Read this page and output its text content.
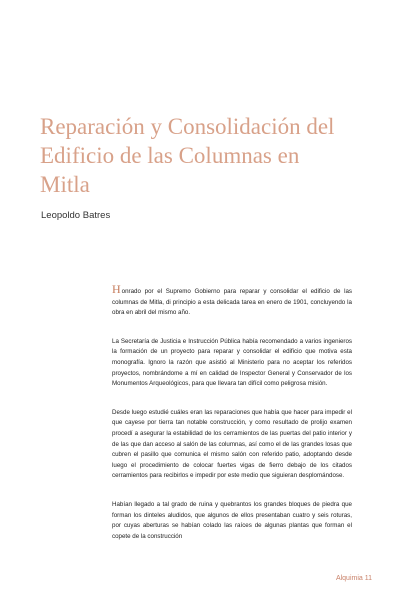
Reparación y Consolidación del Edificio de las Columnas en Mitla
Leopoldo Batres

Honrado por el Supremo Gobierno para reparar y consolidar el edificio de las columnas de Mitla, di principio a esta delicada tarea en enero de 1901, concluyendo la obra en abril del mismo año.

La Secretaría de Justicia e Instrucción Pública había recomendado a varios ingenieros la formación de un proyecto para reparar y consolidar el edificio que motiva esta monografía. Ignoro la razón que asistió al Ministerio para no aceptar los referidos proyectos, nombrándome a mí en calidad de Inspector General y Conservador de los Monumentos Arqueológicos, para que llevara tan difícil como peligrosa misión.

Desde luego estudié cuáles eran las reparaciones que había que hacer para impedir el que cayese por tierra tan notable construcción, y como resultado de prolijo examen procedí a asegurar la estabilidad de los cerramientos de las puertas del patio interior y de las que dan acceso al salón de las columnas, así como el de las grandes losas que cubren el pasillo que comunica el mismo salón con referido patio, adoptando desde luego el procedimiento de colocar fuertes vigas de fierro debajo de los citados cerramientos para recibirlos e impedir por este medio que siguieran desplomándose.

Habían llegado a tal grado de ruina y quebrantos los grandes bloques de piedra que forman los dinteles aludidos, que algunos de ellos presentaban cuatro y seis roturas, por cuyas aberturas se habían colado las raíces de algunas plantas que forman el copete de la construcción

Alquimia 11
